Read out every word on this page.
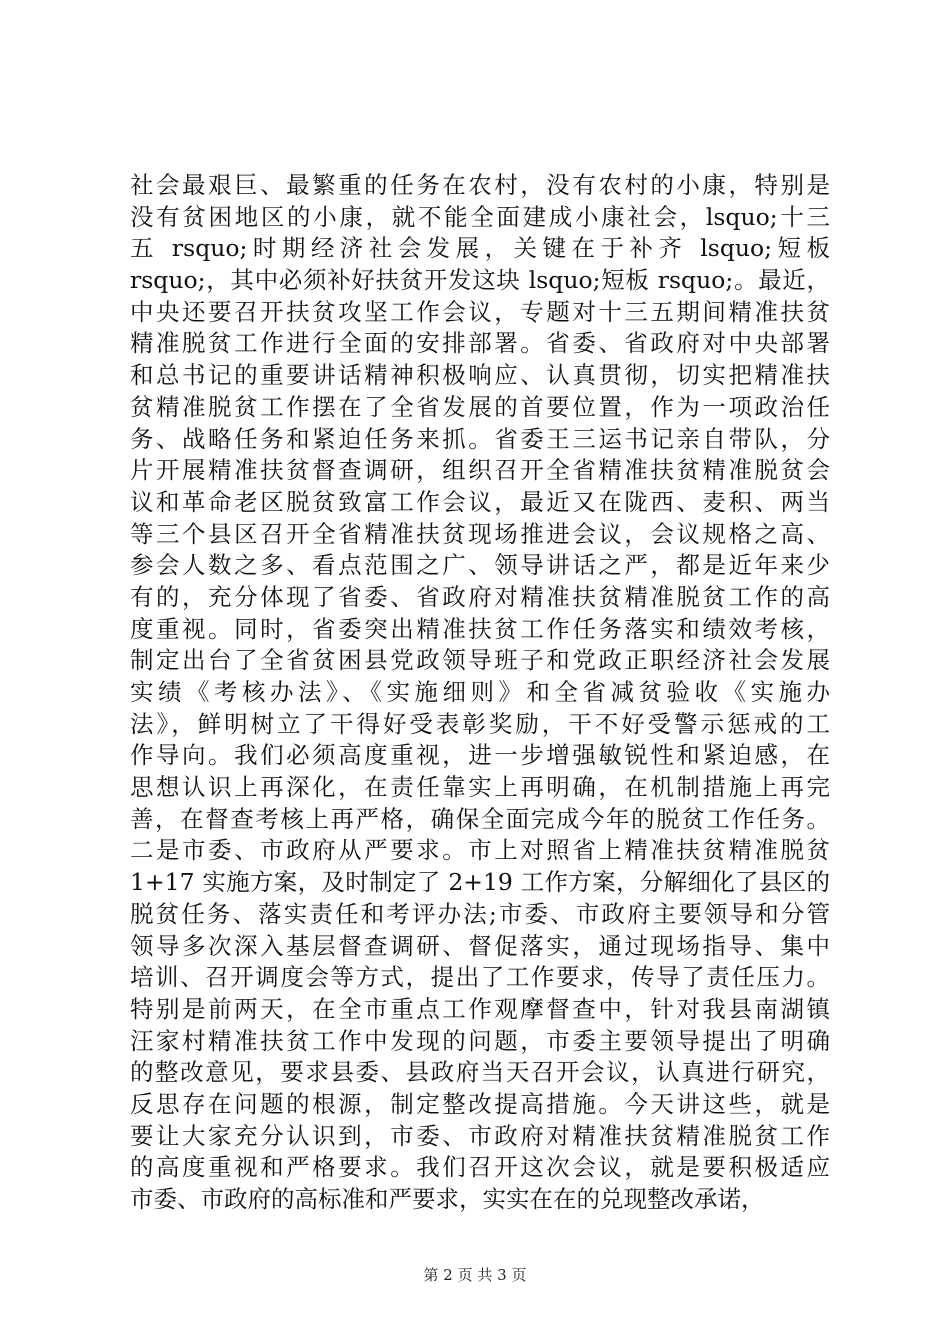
社会最艰巨、最繁重的任务在农村，没有农村的小康，特别是
没有贫困地区的小康，就不能全面建成小康社会，lsquo;十三
五 rsquo;时期经济社会发展，关键在于补齐 lsquo;短板
rsquo;，其中必须补好扶贫开发这块 lsquo;短板 rsquo;。最近，
中央还要召开扶贫攻坚工作会议，专题对十三五期间精准扶贫
精准脱贫工作进行全面的安排部署。省委、省政府对中央部署
和总书记的重要讲话精神积极响应、认真贯彻，切实把精准扶
贫精准脱贫工作摆在了全省发展的首要位置，作为一项政治任
务、战略任务和紧迫任务来抓。省委王三运书记亲自带队，分
片开展精准扶贫督查调研，组织召开全省精准扶贫精准脱贫会
议和革命老区脱贫致富工作会议，最近又在陇西、麦积、两当
等三个县区召开全省精准扶贫现场推进会议，会议规格之高、
参会人数之多、看点范围之广、领导讲话之严，都是近年来少
有的，充分体现了省委、省政府对精准扶贫精准脱贫工作的高
度重视。同时，省委突出精准扶贫工作任务落实和绩效考核，
制定出台了全省贫困县党政领导班子和党政正职经济社会发展
实绩《考核办法》、《实施细则》和全省减贫验收《实施办
法》，鲜明树立了干得好受表彰奖励，干不好受警示惩戒的工
作导向。我们必须高度重视，进一步增强敏锐性和紧迫感，在
思想认识上再深化，在责任靠实上再明确，在机制措施上再完
善，在督查考核上再严格，确保全面完成今年的脱贫工作任务。
二是市委、市政府从严要求。市上对照省上精准扶贫精准脱贫
1+17 实施方案，及时制定了 2+19 工作方案，分解细化了县区的
脱贫任务、落实责任和考评办法;市委、市政府主要领导和分管
领导多次深入基层督查调研、督促落实，通过现场指导、集中
培训、召开调度会等方式，提出了工作要求，传导了责任压力。
特别是前两天，在全市重点工作观摩督查中，针对我县南湖镇
汪家村精准扶贫工作中发现的问题，市委主要领导提出了明确
的整改意见，要求县委、县政府当天召开会议，认真进行研究，
反思存在问题的根源，制定整改提高措施。今天讲这些，就是
要让大家充分认识到，市委、市政府对精准扶贫精准脱贫工作
的高度重视和严格要求。我们召开这次会议，就是要积极适应
市委、市政府的高标准和严要求，实实在在的兑现整改承诺，
第 2 页 共 3 页
